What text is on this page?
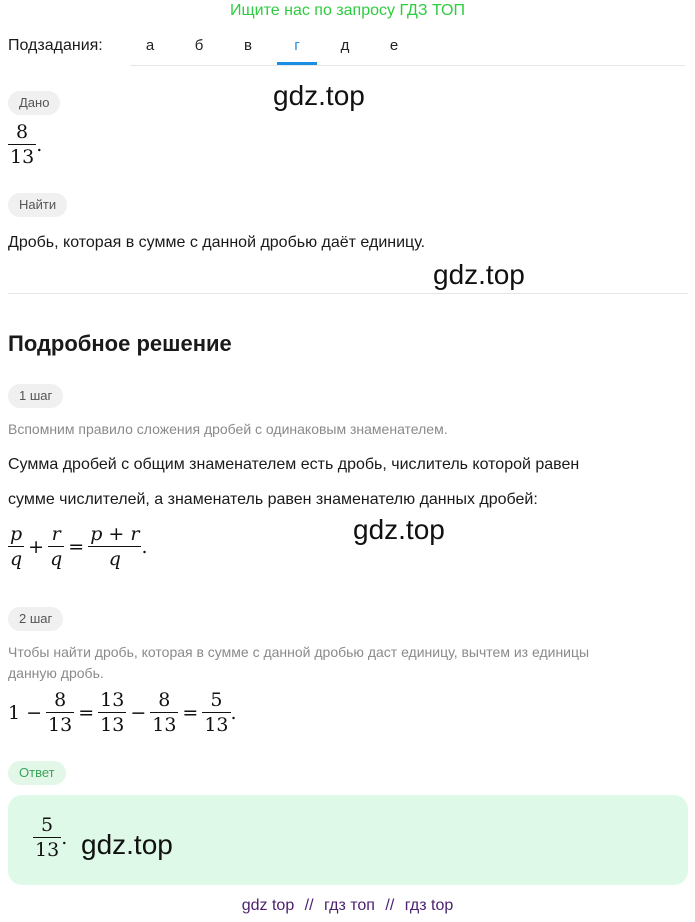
Ищите нас по запросу ГДЗ ТОП
Подзадания:	а	б	в	г	д	е
Дано	gdz.top
$\frac{8}{13}$ .
Найти
Дробь, которая в сумме с данной дробью даёт единицу.
gdz.top
Подробное решение
1 шаг
Вспомним правило сложения дробей с одинаковым знаменателем.
Сумма дробей с общим знаменателем есть дробь, числитель которой равен
сумме числителей, а знаменатель равен знаменателю данных дробей:
gdz.top
$\frac{p}{q} + \frac{r}{q} = \frac{p + r}{q}$ .
2 шаг
Чтобы найти дробь, которая в сумме с данной дробью даст единицу, вычтем из единицы
данную дробь.
$1 - \frac{8}{13} = \frac{13}{13} - \frac{8}{13} = \frac{5}{13}$ .
Ответ
$\frac{5}{13}$ . gdz.top
gdz top // гдз топ // гдз top
